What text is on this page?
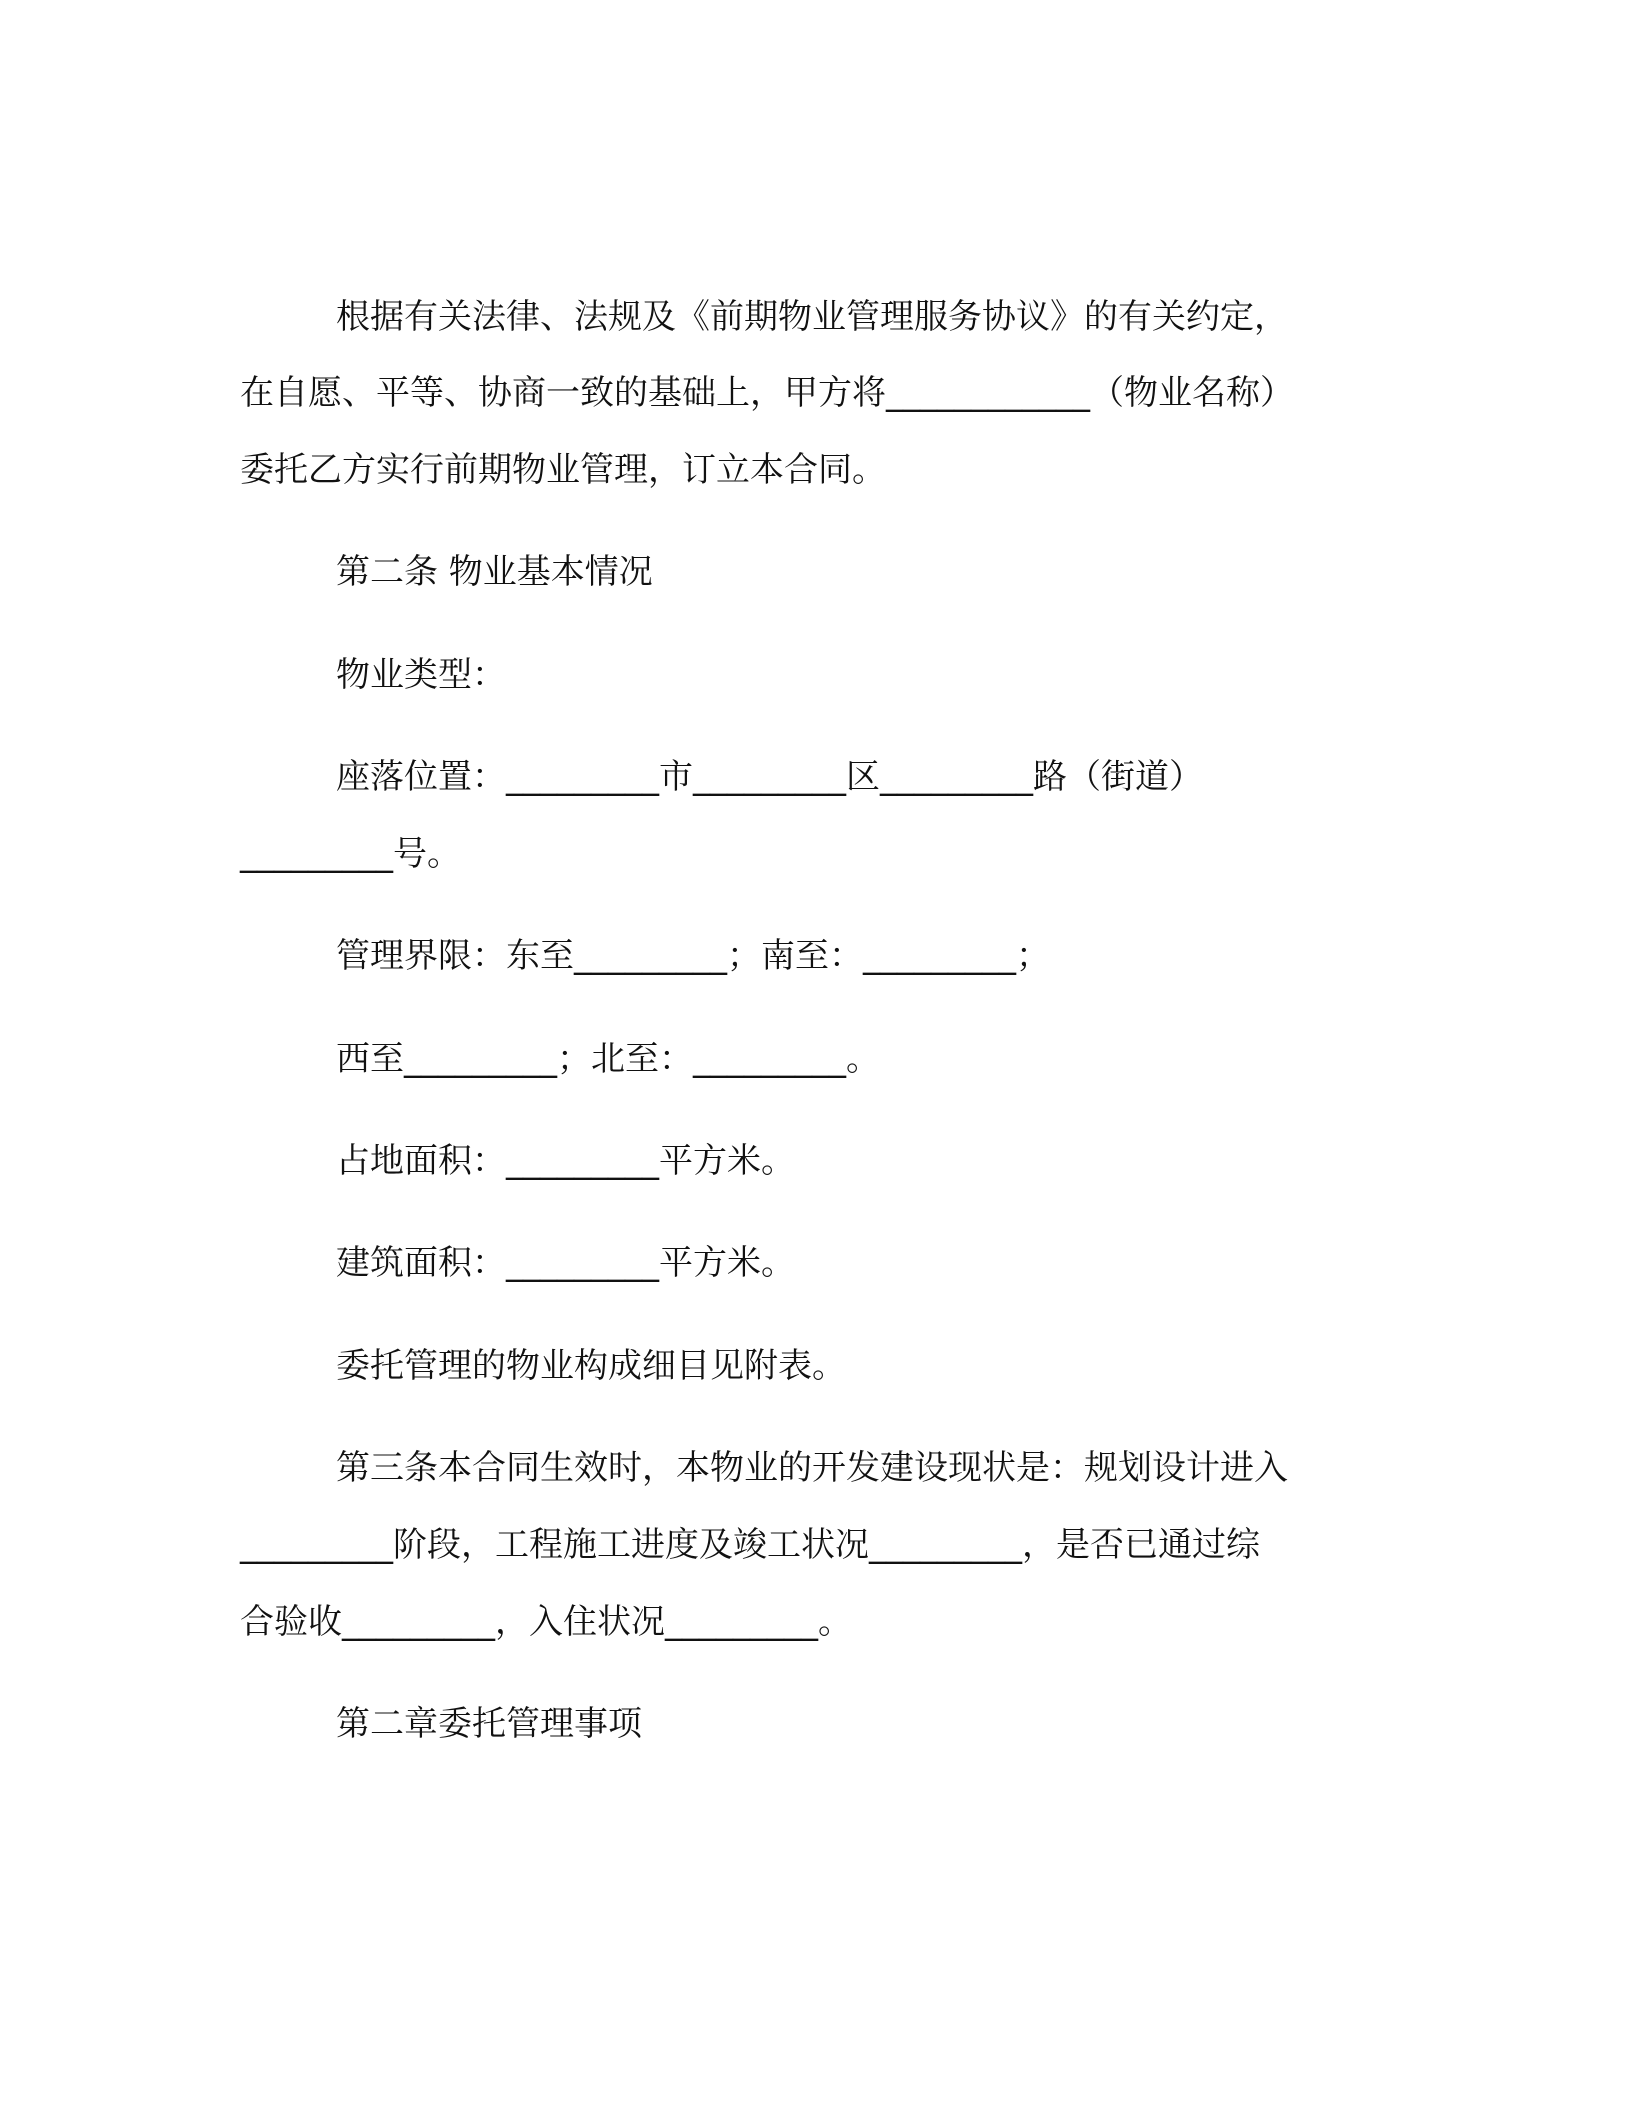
根据有关法律、法规及《前期物业管理服务协议》的有关约定，
在自愿、平等、协商一致的基础上，甲方将____________（物业名称）
委托乙方实行前期物业管理，订立本合同。
第二条 物业基本情况
物业类型：
座落位置：_________市_________区_________路（街道）
_________号。
管理界限：东至_________；南至：_________；
西至_________；北至：_________。
占地面积：_________平方米。
建筑面积：_________平方米。
委托管理的物业构成细目见附表。
第三条本合同生效时，本物业的开发建设现状是：规划设计进入
_________阶段，工程施工进度及竣工状况_________，是否已通过综
合验收_________，入住状况_________。
第二章委托管理事项
